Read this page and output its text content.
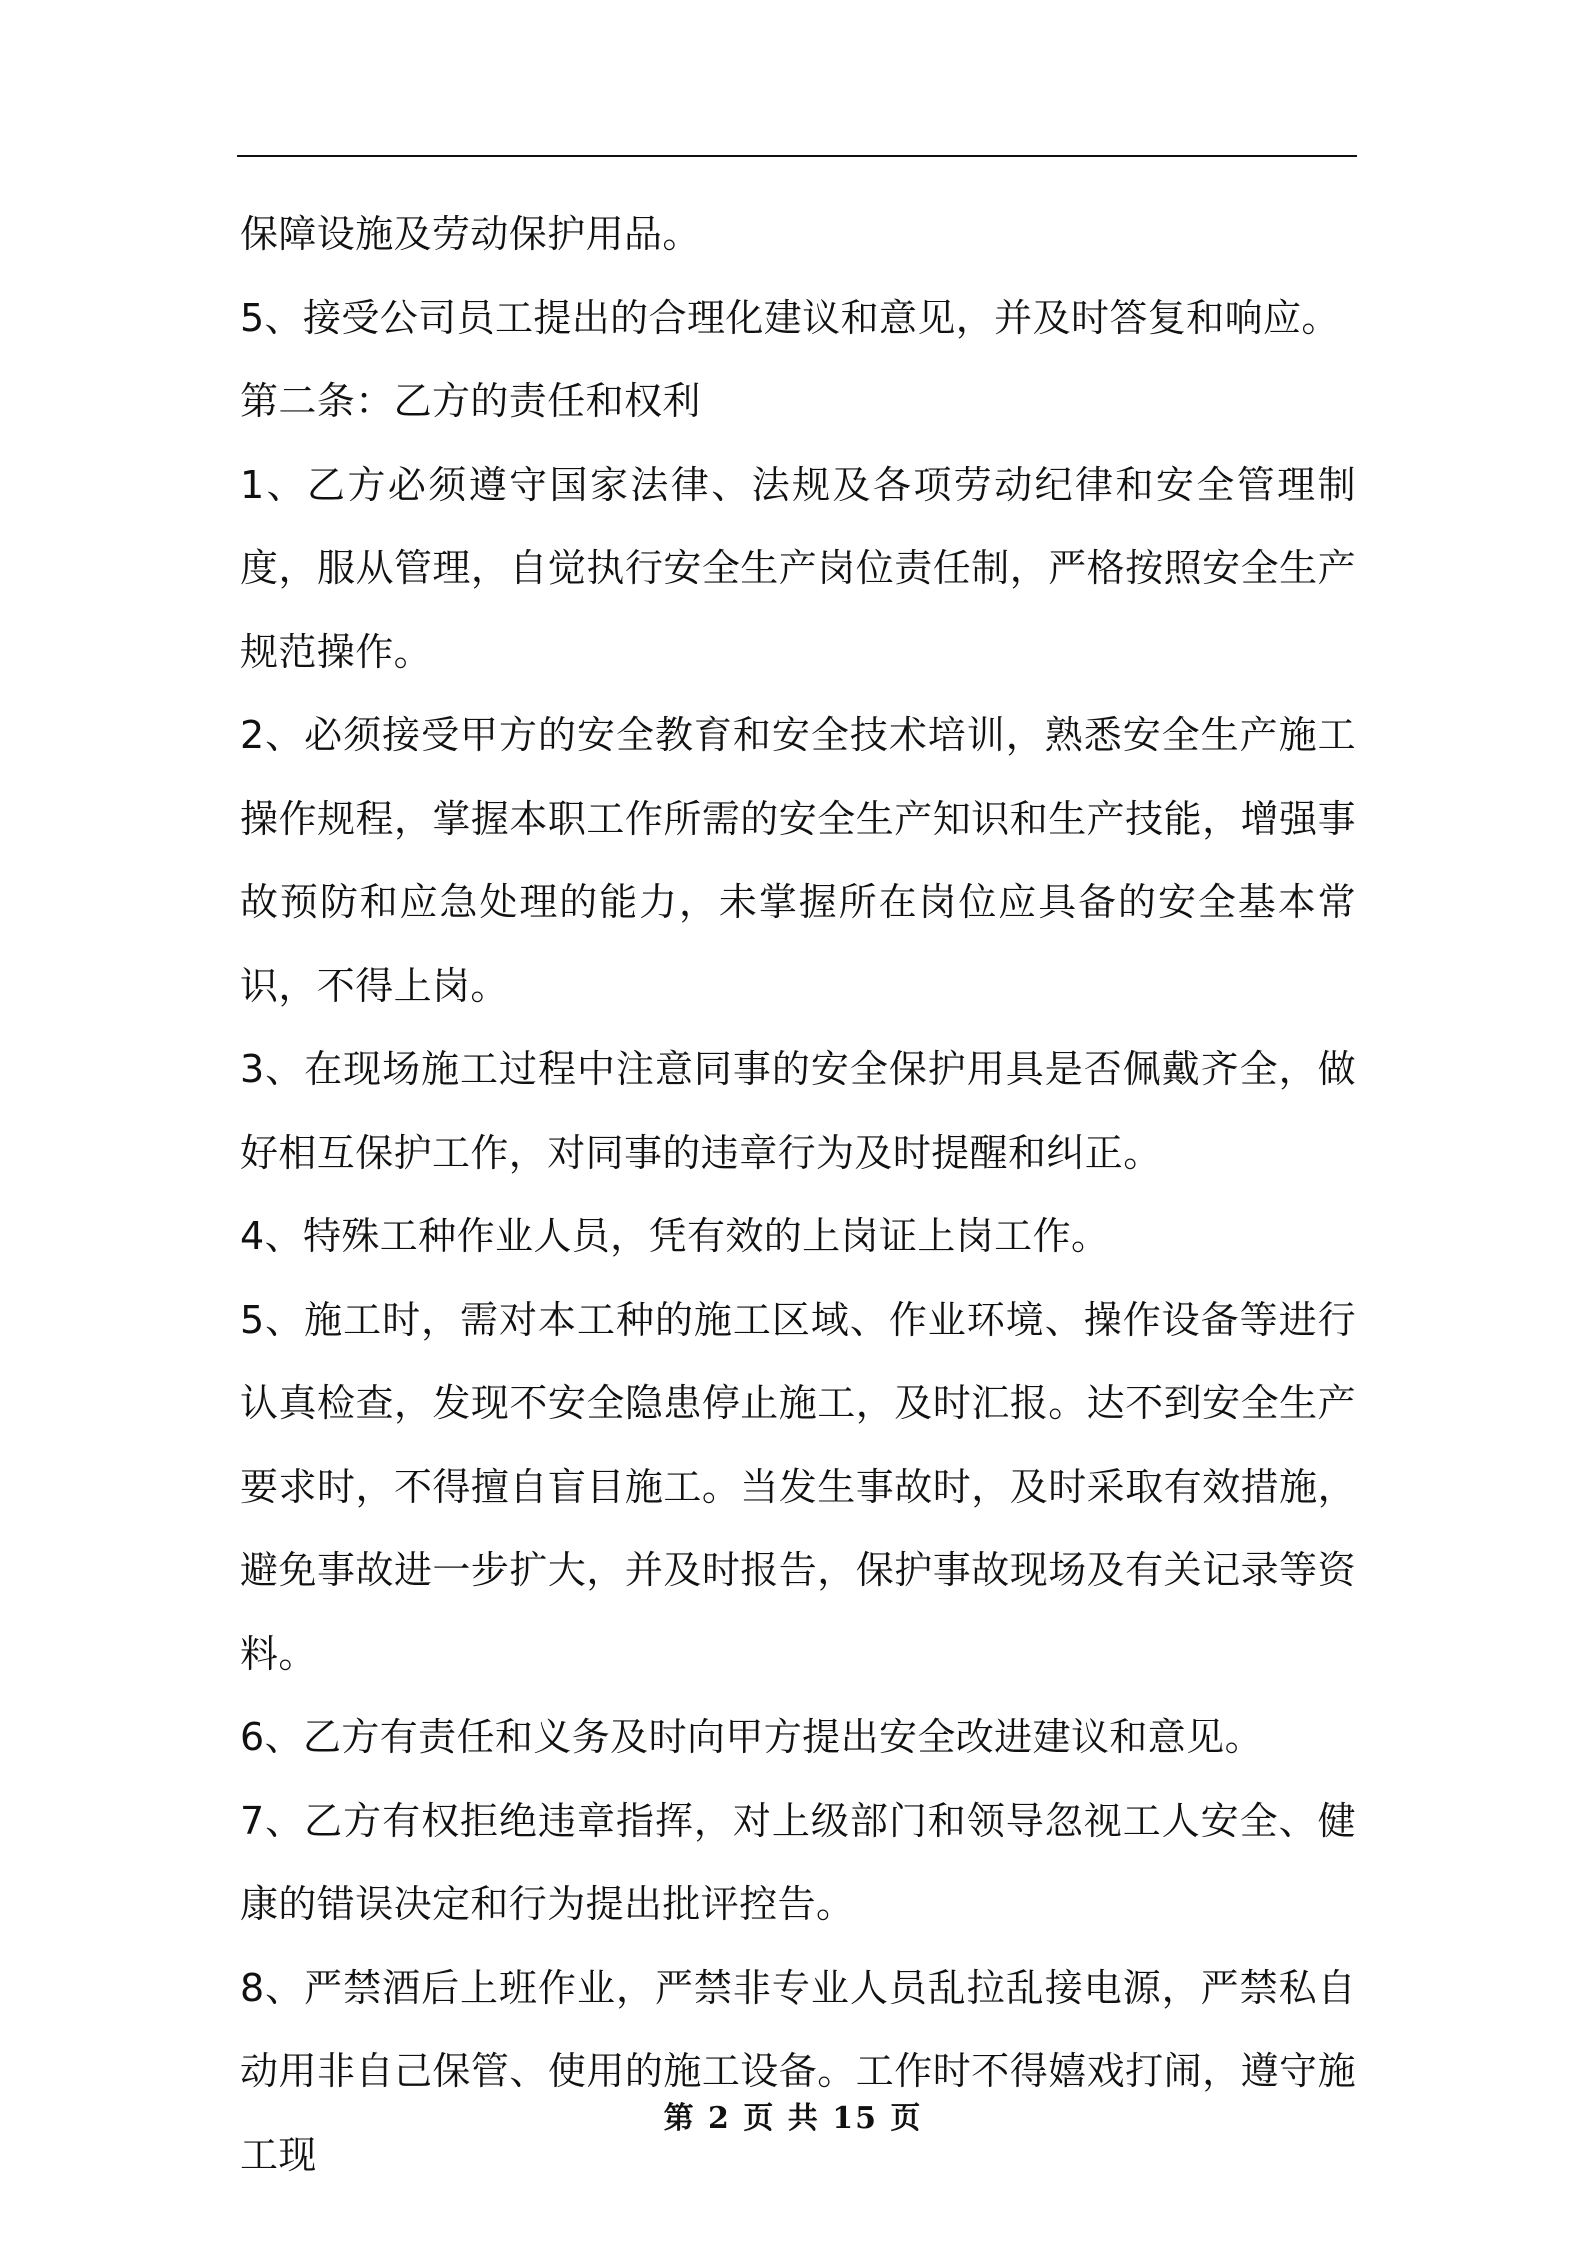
保障设施及劳动保护用品。

5、接受公司员工提出的合理化建议和意见，并及时答复和响应。

第二条：乙方的责任和权利

1、乙方必须遵守国家法律、法规及各项劳动纪律和安全管理制度，服从管理，自觉执行安全生产岗位责任制，严格按照安全生产规范操作。

2、必须接受甲方的安全教育和安全技术培训，熟悉安全生产施工操作规程，掌握本职工作所需的安全生产知识和生产技能，增强事故预防和应急处理的能力，未掌握所在岗位应具备的安全基本常识，不得上岗。

3、在现场施工过程中注意同事的安全保护用具是否佩戴齐全，做好相互保护工作，对同事的违章行为及时提醒和纠正。

4、特殊工种作业人员，凭有效的上岗证上岗工作。

5、施工时，需对本工种的施工区域、作业环境、操作设备等进行认真检查，发现不安全隐患停止施工，及时汇报。达不到安全生产要求时，不得擅自盲目施工。当发生事故时，及时采取有效措施，避免事故进一步扩大，并及时报告，保护事故现场及有关记录等资料。

6、乙方有责任和义务及时向甲方提出安全改进建议和意见。

7、乙方有权拒绝违章指挥，对上级部门和领导忽视工人安全、健康的错误决定和行为提出批评控告。

8、严禁酒后上班作业，严禁非专业人员乱拉乱接电源，严禁私自动用非自己保管、使用的施工设备。工作时不得嬉戏打闹，遵守施工现

第 2 页 共 15 页
